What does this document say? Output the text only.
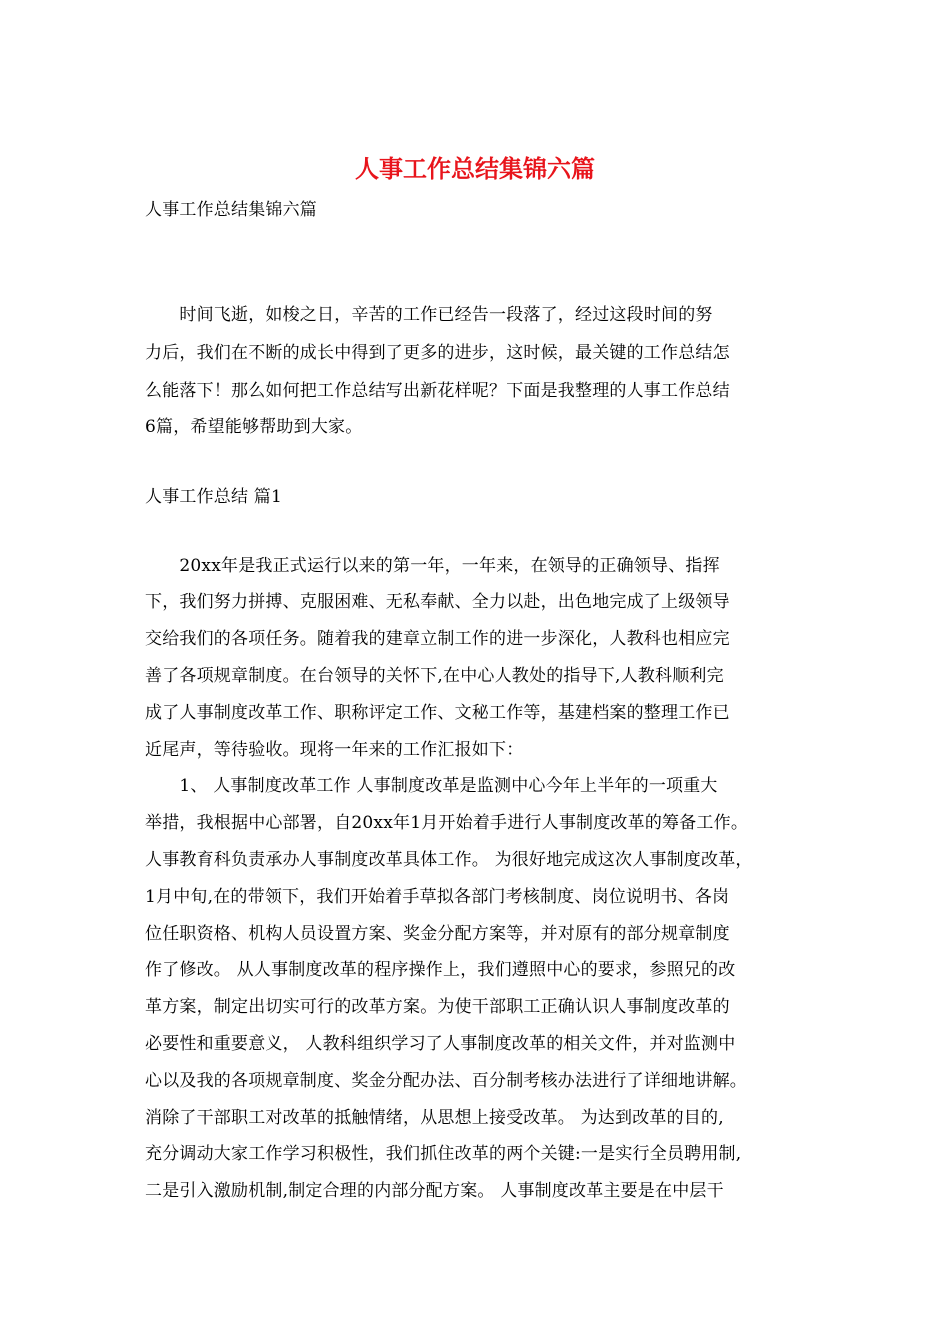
人事工作总结集锦六篇
人事工作总结集锦六篇
　　时间飞逝，如梭之日，辛苦的工作已经告一段落了，经过这段时间的努
力后，我们在不断的成长中得到了更多的进步，这时候，最关键的工作总结怎
么能落下！那么如何把工作总结写出新花样呢？下面是我整理的人事工作总结
6篇，希望能够帮助到大家。
人事工作总结 篇1
　　20xx年是我正式运行以来的第一年，一年来，在领导的正确领导、指挥
下，我们努力拼搏、克服困难、无私奉献、全力以赴，出色地完成了上级领导
交给我们的各项任务。随着我的建章立制工作的进一步深化，人教科也相应完
善了各项规章制度。在台领导的关怀下,在中心人教处的指导下,人教科顺利完
成了人事制度改革工作、职称评定工作、文秘工作等，基建档案的整理工作已
近尾声，等待验收。现将一年来的工作汇报如下：
　　1、 人事制度改革工作 人事制度改革是监测中心今年上半年的一项重大
举措，我根据中心部署，自20xx年1月开始着手进行人事制度改革的筹备工作。
人事教育科负责承办人事制度改革具体工作。 为很好地完成这次人事制度改革，
1月中旬,在的带领下，我们开始着手草拟各部门考核制度、岗位说明书、各岗
位任职资格、机构人员设置方案、奖金分配方案等，并对原有的部分规章制度
作了修改。 从人事制度改革的程序操作上，我们遵照中心的要求，参照兄的改
革方案，制定出切实可行的改革方案。为使干部职工正确认识人事制度改革的
必要性和重要意义， 人教科组织学习了人事制度改革的相关文件，并对监测中
心以及我的各项规章制度、奖金分配办法、百分制考核办法进行了详细地讲解。
消除了干部职工对改革的抵触情绪，从思想上接受改革。 为达到改革的目的,
充分调动大家工作学习积极性，我们抓住改革的两个关键:一是实行全员聘用制,
二是引入激励机制,制定合理的内部分配方案。 人事制度改革主要是在中层干
